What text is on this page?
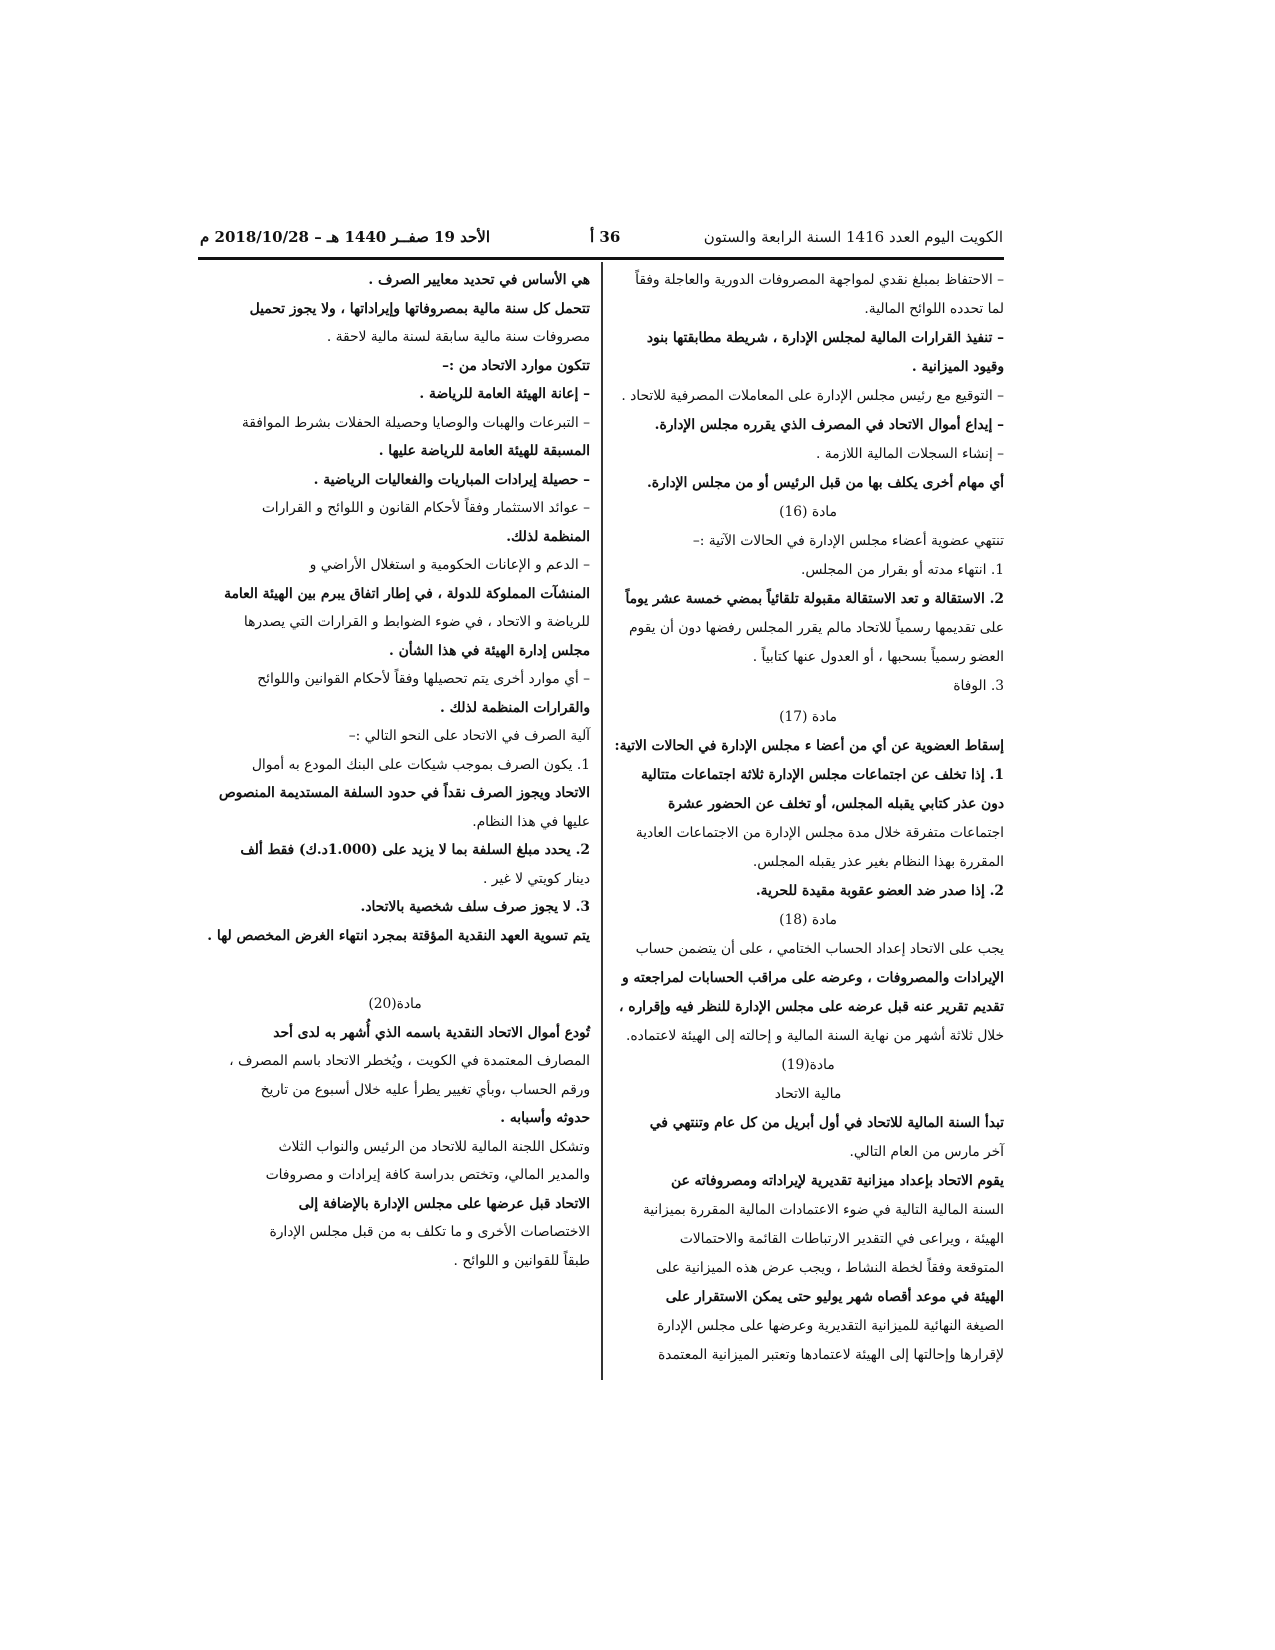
الكويت اليوم العدد 1416 السنة الرابعة والستون
36 أ
الأحد 19 صفــر 1440 هـ – 2018/10/28 م

– الاحتفاظ بمبلغ نقدي لمواجهة المصروفات الدورية والعاجلة وفقاً

لما تحدده اللوائح المالية.

– تنفيذ القرارات المالية لمجلس الإدارة ، شريطة مطابقتها بنود

وقيود الميزانية .

– التوقيع مع رئيس مجلس الإدارة على المعاملات المصرفية للاتحاد .

– إيداع أموال الاتحاد في المصرف الذي يقرره مجلس الإدارة.

– إنشاء السجلات المالية اللازمة .

أي مهام أخرى يكلف بها من قبل الرئيس أو من مجلس الإدارة.

مادة (16)

تنتهي عضوية أعضاء مجلس الإدارة في الحالات الآتية :–

1. انتهاء مدته أو بقرار من المجلس.

2. الاستقالة و تعد الاستقالة مقبولة تلقائياً بمضي خمسة عشر يوماً

على تقديمها رسمياً للاتحاد مالم يقرر المجلس رفضها دون أن يقوم

العضو رسمياً بسحبها ، أو العدول عنها كتابياً .

3. الوفاة

مادة (17)

إسقاط العضوية عن أي من أعضا ء مجلس الإدارة في الحالات الاتية:

1. إذا تخلف عن اجتماعات مجلس الإدارة ثلاثة اجتماعات متتالية

دون عذر كتابي يقبله المجلس، أو تخلف عن الحضور عشرة

اجتماعات متفرقة خلال مدة مجلس الإدارة من الاجتماعات العادية

المقررة بهذا النظام بغير عذر يقبله المجلس.

2. إذا صدر ضد العضو عقوبة مقيدة للحرية.

مادة (18)

يجب على الاتحاد إعداد الحساب الختامي ، على أن يتضمن حساب

الإيرادات والمصروفات ، وعرضه على مراقب الحسابات لمراجعته و

تقديم تقرير عنه قبل عرضه على مجلس الإدارة للنظر فيه وإقراره ،

خلال ثلاثة أشهر من نهاية السنة المالية و إحالته إلى الهيئة لاعتماده.

مادة(19)

مالية الاتحاد

تبدأ السنة المالية للاتحاد في أول أبريل من كل عام وتنتهي في

آخر مارس من العام التالي.

يقوم الاتحاد بإعداد ميزانية تقديرية لإيراداته ومصروفاته عن

السنة المالية التالية في ضوء الاعتمادات المالية المقررة بميزانية

الهيئة ، ويراعى في التقدير الارتباطات القائمة والاحتمالات

المتوقعة وفقاً لخطة النشاط ، ويجب عرض هذه الميزانية على

الهيئة في موعد أقصاه شهر يوليو حتى يمكن الاستقرار على

الصيغة النهائية للميزانية التقديرية وعرضها على مجلس الإدارة

لإقرارها وإحالتها إلى الهيئة لاعتمادها وتعتبر الميزانية المعتمدة

هي الأساس في تحديد معايير الصرف .

تتحمل كل سنة مالية بمصروفاتها وإيراداتها ، ولا يجوز تحميل

مصروفات سنة مالية سابقة لسنة مالية لاحقة .

تتكون موارد الاتحاد من :–

– إعانة الهيئة العامة للرياضة .

– التبرعات والهبات والوصايا وحصيلة الحفلات بشرط الموافقة

المسبقة للهيئة العامة للرياضة عليها .

– حصيلة إيرادات المباريات والفعاليات الرياضية .

– عوائد الاستثمار وفقاً لأحكام القانون و اللوائح و القرارات

المنظمة لذلك.

– الدعم و الإعانات الحكومية و استغلال الأراضي و

المنشآت المملوكة للدولة ، في إطار اتفاق يبرم بين الهيئة العامة

للرياضة و الاتحاد ، في ضوء الضوابط و القرارات التي يصدرها

مجلس إدارة الهيئة في هذا الشأن .

– أي موارد أخرى يتم تحصيلها وفقاً لأحكام القوانين واللوائح

والقرارات المنظمة لذلك .

آلية الصرف في الاتحاد على النحو التالي :–

1. يكون الصرف بموجب شيكات على البنك المودع به أموال

الاتحاد ويجوز الصرف نقداً في حدود السلفة المستديمة المنصوص

عليها في هذا النظام.

2. يحدد مبلغ السلفة بما لا يزيد على (1.000د.ك) فقط ألف

دينار كويتي لا غير .

3. لا يجوز صرف سلف شخصية بالاتحاد.

يتم تسوية العهد النقدية المؤقتة بمجرد انتهاء الغرض المخصص لها .

مادة(20)

تُودع أموال الاتحاد النقدية باسمه الذي أُشهر به لدى أحد

المصارف المعتمدة في الكويت ، ويُخطر الاتحاد باسم المصرف ،

ورقم الحساب ،وبأي تغيير يطرأ عليه خلال أسبوع من تاريخ

حدوثه وأسبابه .

وتشكل اللجنة المالية للاتحاد من الرئيس والنواب الثلاث

والمدير المالي، وتختص بدراسة كافة إيرادات و مصروفات

الاتحاد قبل عرضها على مجلس الإدارة بالإضافة إلى

الاختصاصات الأخرى و ما تكلف به من قبل مجلس الإدارة

طبقاً للقوانين و اللوائح .
